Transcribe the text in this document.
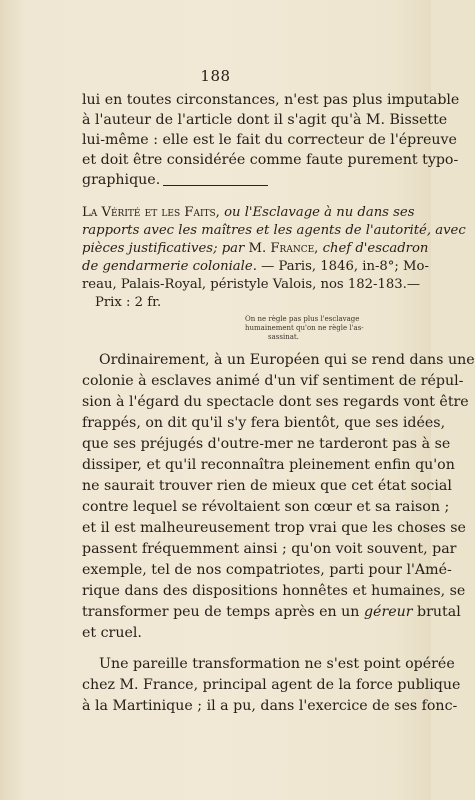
188
lui en toutes circonstances, n'est pas plus imputable
à l'auteur de l'article dont il s'agit qu'à M. Bissette
lui-même : elle est le fait du correcteur de l'épreuve
et doit être considérée comme faute purement typo-
graphique.
La Vérité et les Faits, ou l'Esclavage à nu dans ses
rapports avec les maîtres et les agents de l'autorité, avec
pièces justificatives; par M. France, chef d'escadron
de gendarmerie coloniale. — Paris, 1846, in-8°; Mo-
reau, Palais-Royal, péristyle Valois, nos 182-183.—
Prix : 2 fr.
On ne règle pas plus l'esclavage
humainement qu'on ne règle l'as-
sassinat.
Ordinairement, à un Européen qui se rend dans une
colonie à esclaves animé d'un vif sentiment de répul-
sion à l'égard du spectacle dont ses regards vont être
frappés, on dit qu'il s'y fera bientôt, que ses idées,
que ses préjugés d'outre-mer ne tarderont pas à se
dissiper, et qu'il reconnaîtra pleinement enfin qu'on
ne saurait trouver rien de mieux que cet état social
contre lequel se révoltaient son cœur et sa raison ;
et il est malheureusement trop vrai que les choses se
passent fréquemment ainsi ; qu'on voit souvent, par
exemple, tel de nos compatriotes, parti pour l'Amé-
rique dans des dispositions honnêtes et humaines, se
transformer peu de temps après en un géreur brutal
et cruel.
Une pareille transformation ne s'est point opérée
chez M. France, principal agent de la force publique
à la Martinique ; il a pu, dans l'exercice de ses fonc-
